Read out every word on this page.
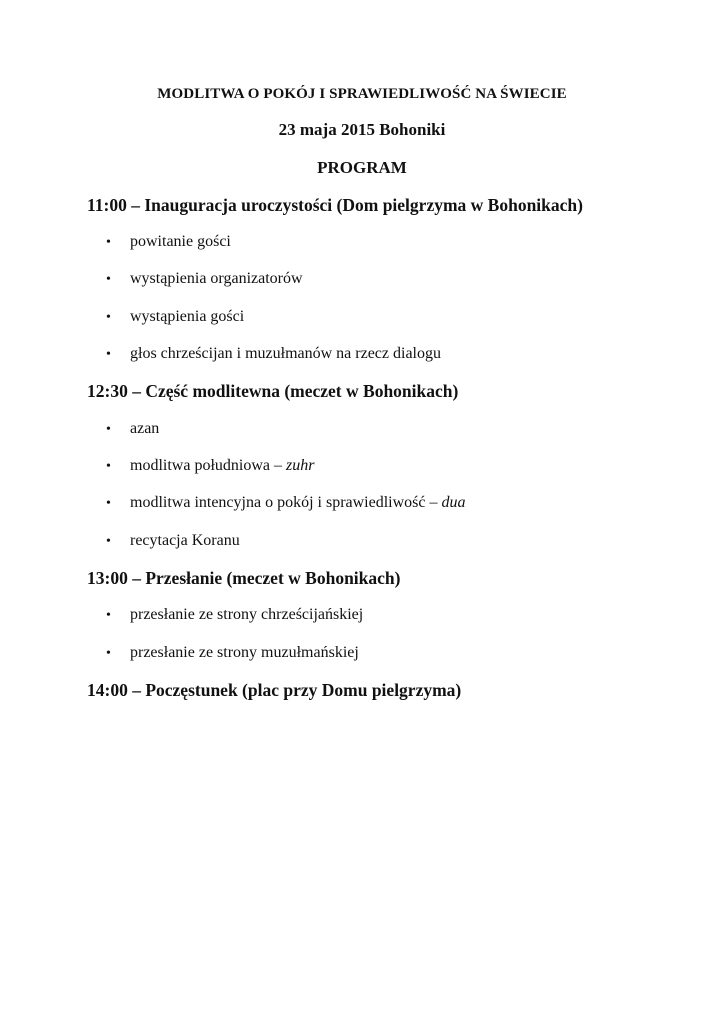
MODLITWA O POKÓJ I SPRAWIEDLIWOŚĆ NA ŚWIECIE

23 maja 2015 Bohoniki

PROGRAM

11:00 – Inauguracja uroczystości (Dom pielgrzyma w Bohonikach)

•	powitanie gości

•	wystąpienia organizatorów

•	wystąpienia gości

•	głos chrześcijan i muzułmanów na rzecz dialogu

12:30 – Część modlitewna (meczet w Bohonikach)

•	azan

•	modlitwa południowa – zuhr

•	modlitwa intencyjna o pokój i sprawiedliwość – dua

•	recytacja Koranu

13:00 – Przesłanie (meczet w Bohonikach)

•	przesłanie ze strony chrześcijańskiej

•	przesłanie ze strony muzułmańskiej

14:00 – Poczęstunek (plac przy Domu pielgrzyma)
